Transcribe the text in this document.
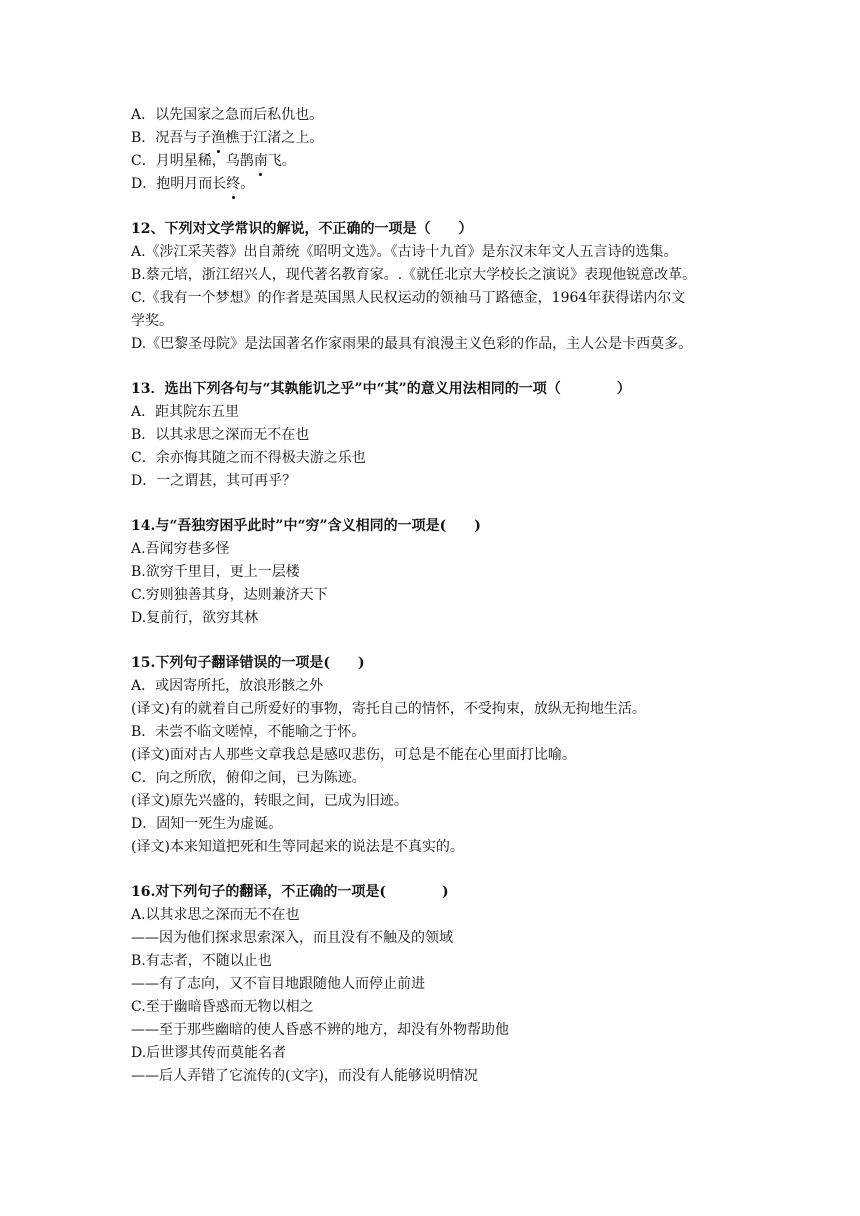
A．以先国家之急而后私仇也。

B．况吾与子渔樵于江渚之上。

C．月明星稀，乌鹊南飞。

D．抱明月而长终。

12、下列对文学常识的解说，不正确的一项是（　　）

A.《涉江采芙蓉》出自萧统《昭明文选》。《古诗十九首》是东汉末年文人五言诗的选集。

B.蔡元培，浙江绍兴人，现代著名教育家。.《就任北京大学校长之演说》表现他锐意改革。

C.《我有一个梦想》的作者是英国黑人民权运动的领袖马丁路德金，1964年获得诺内尔文

学奖。

D.《巴黎圣母院》是法国著名作家雨果的最具有浪漫主义色彩的作品，主人公是卡西莫多。

13．选出下列各句与“其孰能讥之乎”中“其”的意义用法相同的一项（　　　　）

A．距其院东五里

B．以其求思之深而无不在也

C．余亦悔其随之而不得极夫游之乐也

D．一之谓甚，其可再乎？

14.与“吾独穷困乎此时”中“穷”含义相同的一项是(　　)

A.吾闻穷巷多怪

B.欲穷千里目，更上一层楼

C.穷则独善其身，达则兼济天下

D.复前行，欲穷其林

15.下列句子翻译错误的一项是(　　)

A．或因寄所托，放浪形骸之外

(译文)有的就着自己所爱好的事物，寄托自己的情怀，不受拘束，放纵无拘地生活。

B．未尝不临文嗟悼，不能喻之于怀。

(译文)面对古人那些文章我总是感叹悲伤，可总是不能在心里面打比喻。

C．向之所欣，俯仰之间，已为陈迹。

(译文)原先兴盛的，转眼之间，已成为旧迹。

D．固知一死生为虚诞。

(译文)本来知道把死和生等同起来的说法是不真实的。

16.对下列句子的翻译，不正确的一项是(　　　　)

A.以其求思之深而无不在也

——因为他们探求思索深入，而且没有不触及的领域

B.有志者，不随以止也

——有了志向，又不盲目地跟随他人而停止前进

C.至于幽暗昏惑而无物以相之

——至于那些幽暗的使人昏惑不辨的地方，却没有外物帮助他

D.后世谬其传而莫能名者

——后人弄错了它流传的(文字)，而没有人能够说明情况
